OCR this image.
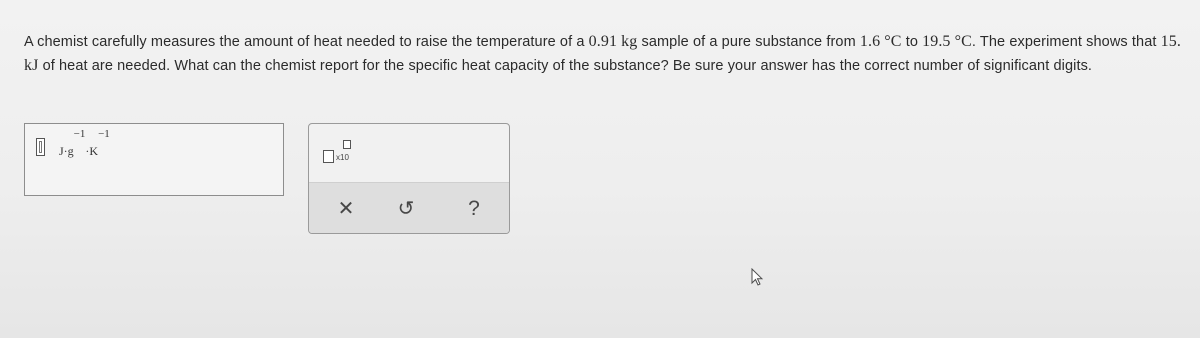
A chemist carefully measures the amount of heat needed to raise the temperature of a 0.91 kg sample of a pure substance from 1.6 °C to 19.5 °C. The experiment shows that 15. kJ of heat are needed. What can the chemist report for the specific heat capacity of the substance? Be sure your answer has the correct number of significant digits.
$J\cdot g^{-1}\cdot K^{-1}$
x10
✕ ↺	?
